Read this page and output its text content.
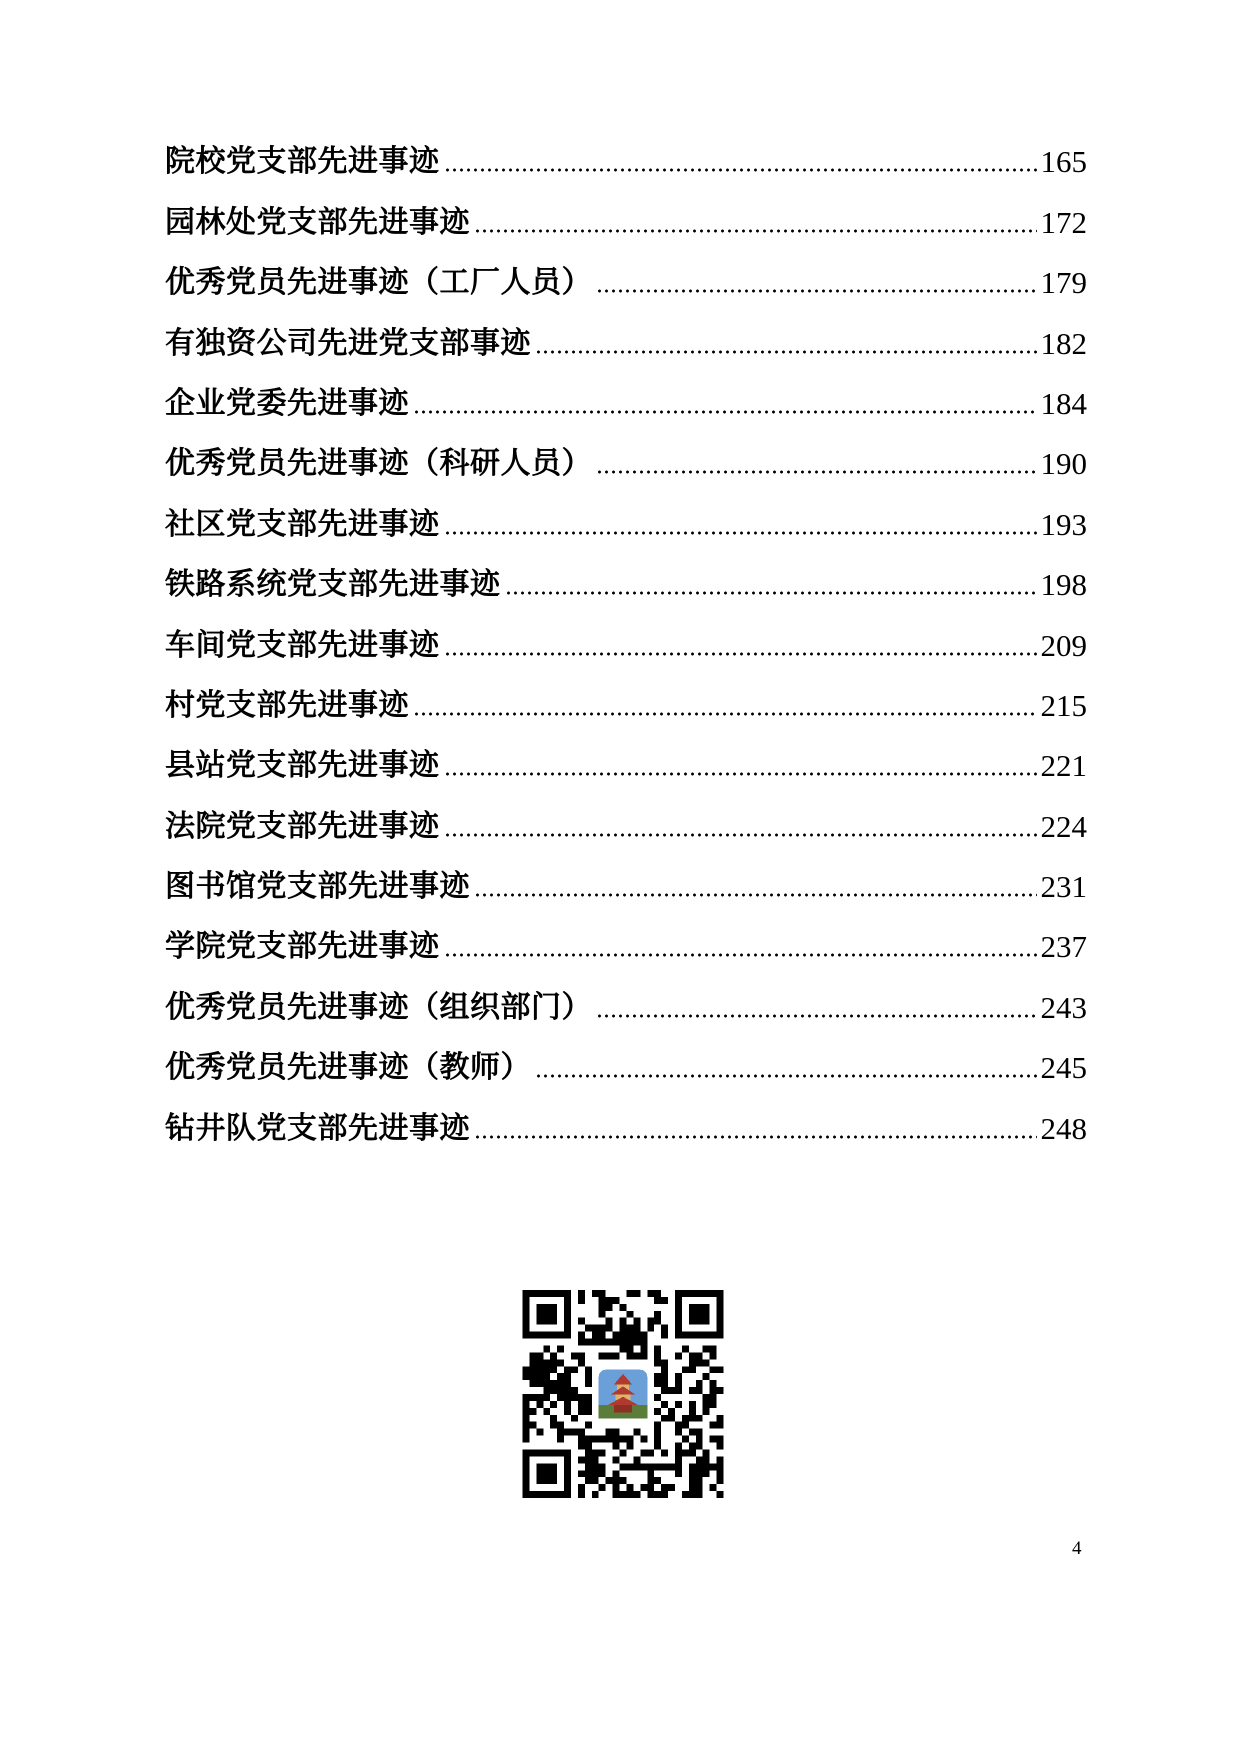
院校党支部先进事迹	165
园林处党支部先进事迹	172
优秀党员先进事迹（工厂人员）	179
有独资公司先进党支部事迹	182
企业党委先进事迹	184
优秀党员先进事迹（科研人员）	190
社区党支部先进事迹	193
铁路系统党支部先进事迹	198
车间党支部先进事迹	209
村党支部先进事迹	215
县站党支部先进事迹	221
法院党支部先进事迹	224
图书馆党支部先进事迹	231
学院党支部先进事迹	237
优秀党员先进事迹（组织部门）	243
优秀党员先进事迹（教师）	245
钻井队党支部先进事迹	248
4
